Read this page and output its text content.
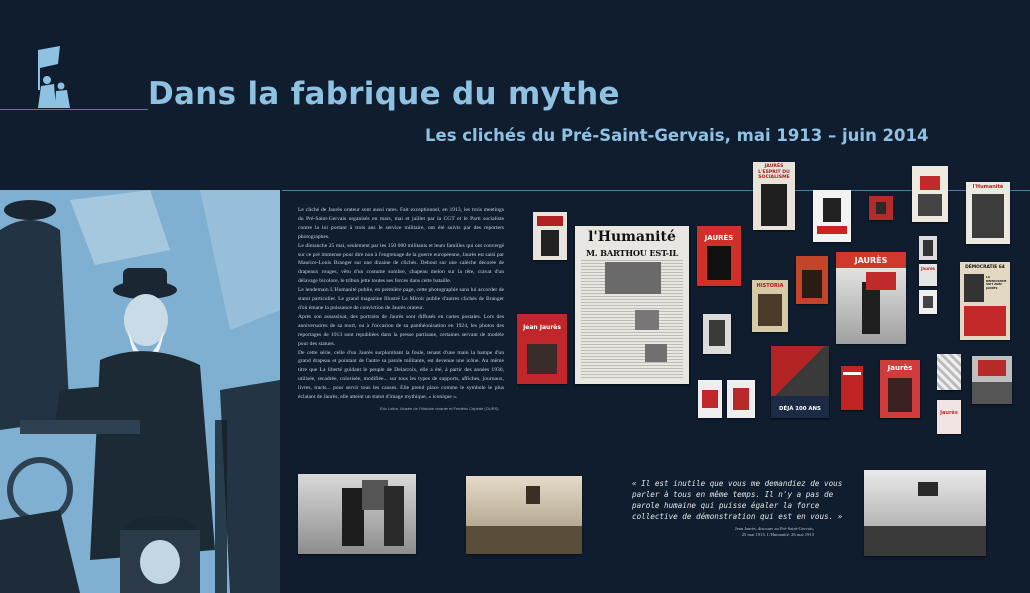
Dans la fabrique du mythe
Les clichés du Pré-Saint-Gervais, mai 1913 – juin 2014

Le cliché de Jaurès orateur sont aussi rares. Fait exceptionnel, en 1913, les trois meetings du Pré-Saint-Gervais organisés en mars, mai et juillet par la CGT et le Parti socialiste contre la loi portant à trois ans le service militaire, ont été suivis par des reporters photographes.

Le dimanche 25 mai, seulement par les 150 000 militants et leurs familles qui ont convergé sur ce pré immense pour dire non à l'engrenage de la guerre européenne, Jaurès est saisi par Maurice-Louis Branger sur une dizaine de clichés. Debout sur une calèche décorée de drapeaux rouges, vêtu d'un costume sombre, chapeau melon sur la tête, cravat d'un délavage bicolore, le tribun jette toutes ses forces dans cette bataille.

Le lendemain L'Humanité publie, en première page, cette photographie sans lui accorder de statut particulier. Le grand magazine Illustré Le Miroir publie d'autres clichés de Branger d'où émane la puissance de conviction de Jaurès orateur.

Après son assassinat, des portraits de Jaurès sont diffusés en cartes postales. Lors des anniversaires de sa mort, ou à l'occasion de sa panthéonisation en 1924, les photos des reportages de 1913 sont republiées dans la presse partisane, certaines servant de modèle pour des statues.

De cette série, celle d'un Jaurès surplombant la foule, tenant d'une main la hampe d'un grand drapeau et pointant de l'autre sa parole militante, est devenue une icône. Au même titre que La liberté guidant le peuple de Delacroix, elle a été, à partir des années 1930, utilisée, recadrée, colorisée, modifiée... sur tous les types de supports, affiches, journaux, livres, tracts... pour servir tous les causes. Elle prend place comme le symbole le plus éclatant de Jaurès, elle atteint un statut d'image mythique, « iconique ».

Éric Lafon, Musée de l'Histoire vivante et Frédéric Cépède (OURS)
l'Humanité
M. BARTHOU EST-IL
Jean Jaurès
·
JAURÈS
JAURÈS
L'ESPRIT DU
SOCIALISME
l'Humanité
JAURÈS
HISTORIA
Jaurès	DÉMOCRATIE 64
LA DÉMOCRATIE SUIT AVEC JAURÈS
DÉJÀ 100 ANS
Jaurès
Jaurès
« Il est inutile que vous me demandiez de vous parler à tous en même temps. Il n'y a pas de parole humaine qui puisse égaler la force collective de démonstration qui est en vous. »
Jean Jaurès, discours au Pré-Saint-Gervais,
25 mai 1913. L'Humanité, 26 mai 1913
